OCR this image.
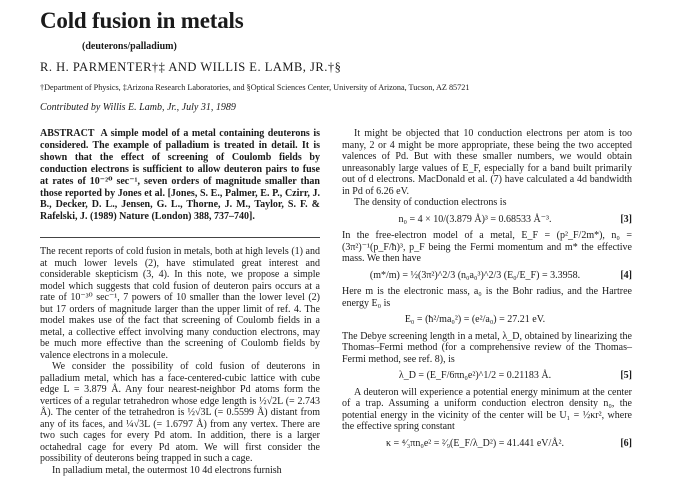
Cold fusion in metals
(deuterons/palladium)
R. H. PARMENTER†‡ AND WILLIS E. LAMB, JR.†§
†Department of Physics, ‡Arizona Research Laboratories, and §Optical Sciences Center, University of Arizona, Tucson, AZ 85721
Contributed by Willis E. Lamb, Jr., July 31, 1989
ABSTRACT A simple model of a metal containing deuterons is considered. The example of palladium is treated in detail. It is shown that the effect of screening of Coulomb fields by conduction electrons is sufficient to allow deuteron pairs to fuse at rates of 10⁻²⁰ sec⁻¹, seven orders of magnitude smaller than those reported by Jones et al. [Jones, S. E., Palmer, E. P., Czirr, J. B., Decker, D. L., Jensen, G. L., Thorne, J. M., Taylor, S. F. & Rafelski, J. (1989) Nature (London) 388, 737–740].

The recent reports of cold fusion in metals, both at high levels (1) and at much lower levels (2), have stimulated great interest and considerable skepticism (3, 4). In this note, we propose a simple model which suggests that cold fusion of deuteron pairs occurs at a rate of 10⁻³⁰ sec⁻¹, 7 powers of 10 smaller than the lower level (2) but 17 orders of magnitude larger than the upper limit of ref. 4. The model makes use of the fact that screening of Coulomb fields in a metal, a collective effect involving many conduction electrons, may be much more effective than the screening of Coulomb fields by valence electrons in a molecule.

We consider the possibility of cold fusion of deuterons in palladium metal, which has a face-centered-cubic lattice with cube edge L = 3.879 Å. Any four nearest-neighbor Pd atoms form the vertices of a regular tetrahedron whose edge length is ½√2L (= 2.743 Å). The center of the tetrahedron is ½√3L (= 0.5599 Å) distant from any of its faces, and ¼√3L (= 1.6797 Å) from any vertex. There are two such cages for every Pd atom. In addition, there is a larger octahedral cage for every Pd atom. We will first consider the possibility of deuterons being trapped in such a cage.

In palladium metal, the outermost 10 4d electrons furnish

It might be objected that 10 conduction electrons per atom is too many, 2 or 4 might be more appropriate, these being the two accepted valences of Pd. But with these smaller numbers, we would obtain unreasonably large values of E_F, especially for a band built primarily out of d electrons. MacDonald et al. (7) have calculated a 4d bandwidth in Pd of 6.26 eV.

The density of conduction electrons is

n₀ = 4 × 10/(3.879 Å)³ = 0.68533 Å⁻³.	[3]

In the free-electron model of a metal, E_F = (p²_F/2m*), n₀ = (3π²)⁻¹(p_F/ħ)³, p_F being the Fermi momentum and m* the effective mass. We then have

(m*/m) = ½(3π²)^2/3 (n₀a₀³)^2/3 (E₀/E_F) = 3.3958.	[4]

Here m is the electronic mass, a₀ is the Bohr radius, and the Hartree energy E₀ is

E₀ = (ħ²/ma₀²) = (e²/a₀) = 27.21 eV.

The Debye screening length in a metal, λ_D, obtained by linearizing the Thomas–Fermi method (for a comprehensive review of the Thomas–Fermi method, see ref. 8), is

λ_D = (E_F/6πn₀e²)^1/2 = 0.21183 Å.	[5]

A deuteron will experience a potential energy minimum at the center of a trap. Assuming a uniform conduction electron density n₀, the potential energy in the vicinity of the center will be U₁ = ½κr², where the effective spring constant

κ = ⁴⁄₃πn₀e² = ²⁄₉(E_F/λ_D²) = 41.441 eV/Å².	[6]
